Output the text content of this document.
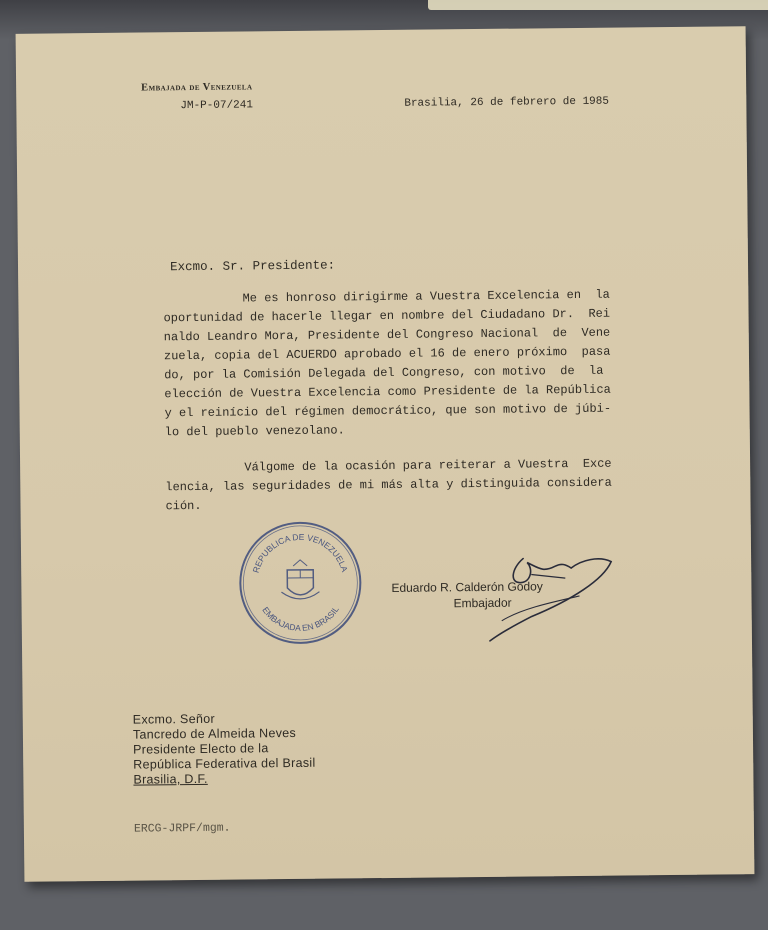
Embajada de Venezuela
JM-P-07/241	Brasilia, 26 de febrero de 1985
Excmo. Sr. Presidente:
Me es honroso dirigirme a Vuestra Excelencia en  la
oportunidad de hacerle llegar en nombre del Ciudadano Dr.  Rei
naldo Leandro Mora, Presidente del Congreso Nacional  de  Vene
zuela, copia del ACUERDO aprobado el 16 de enero próximo  pasa
do, por la Comisión Delegada del Congreso, con motivo  de  la
elección de Vuestra Excelencia como Presidente de la República
y el reinício del régimen democrático, que son motivo de júbi-
lo del pueblo venezolano.
Válgome de la ocasión para reiterar a Vuestra  Exce
lencia, las seguridades de mi más alta y distinguida considera
ción.
REPUBLICA DE VENEZUELA
EMBAJADA EN BRASIL
Eduardo R. Calderón Godoy
Embajador
Excmo. Señor
Tancredo de Almeida Neves
Presidente Electo de la
República Federativa del Brasil
Brasilia, D.F.
ERCG-JRPF/mgm.
